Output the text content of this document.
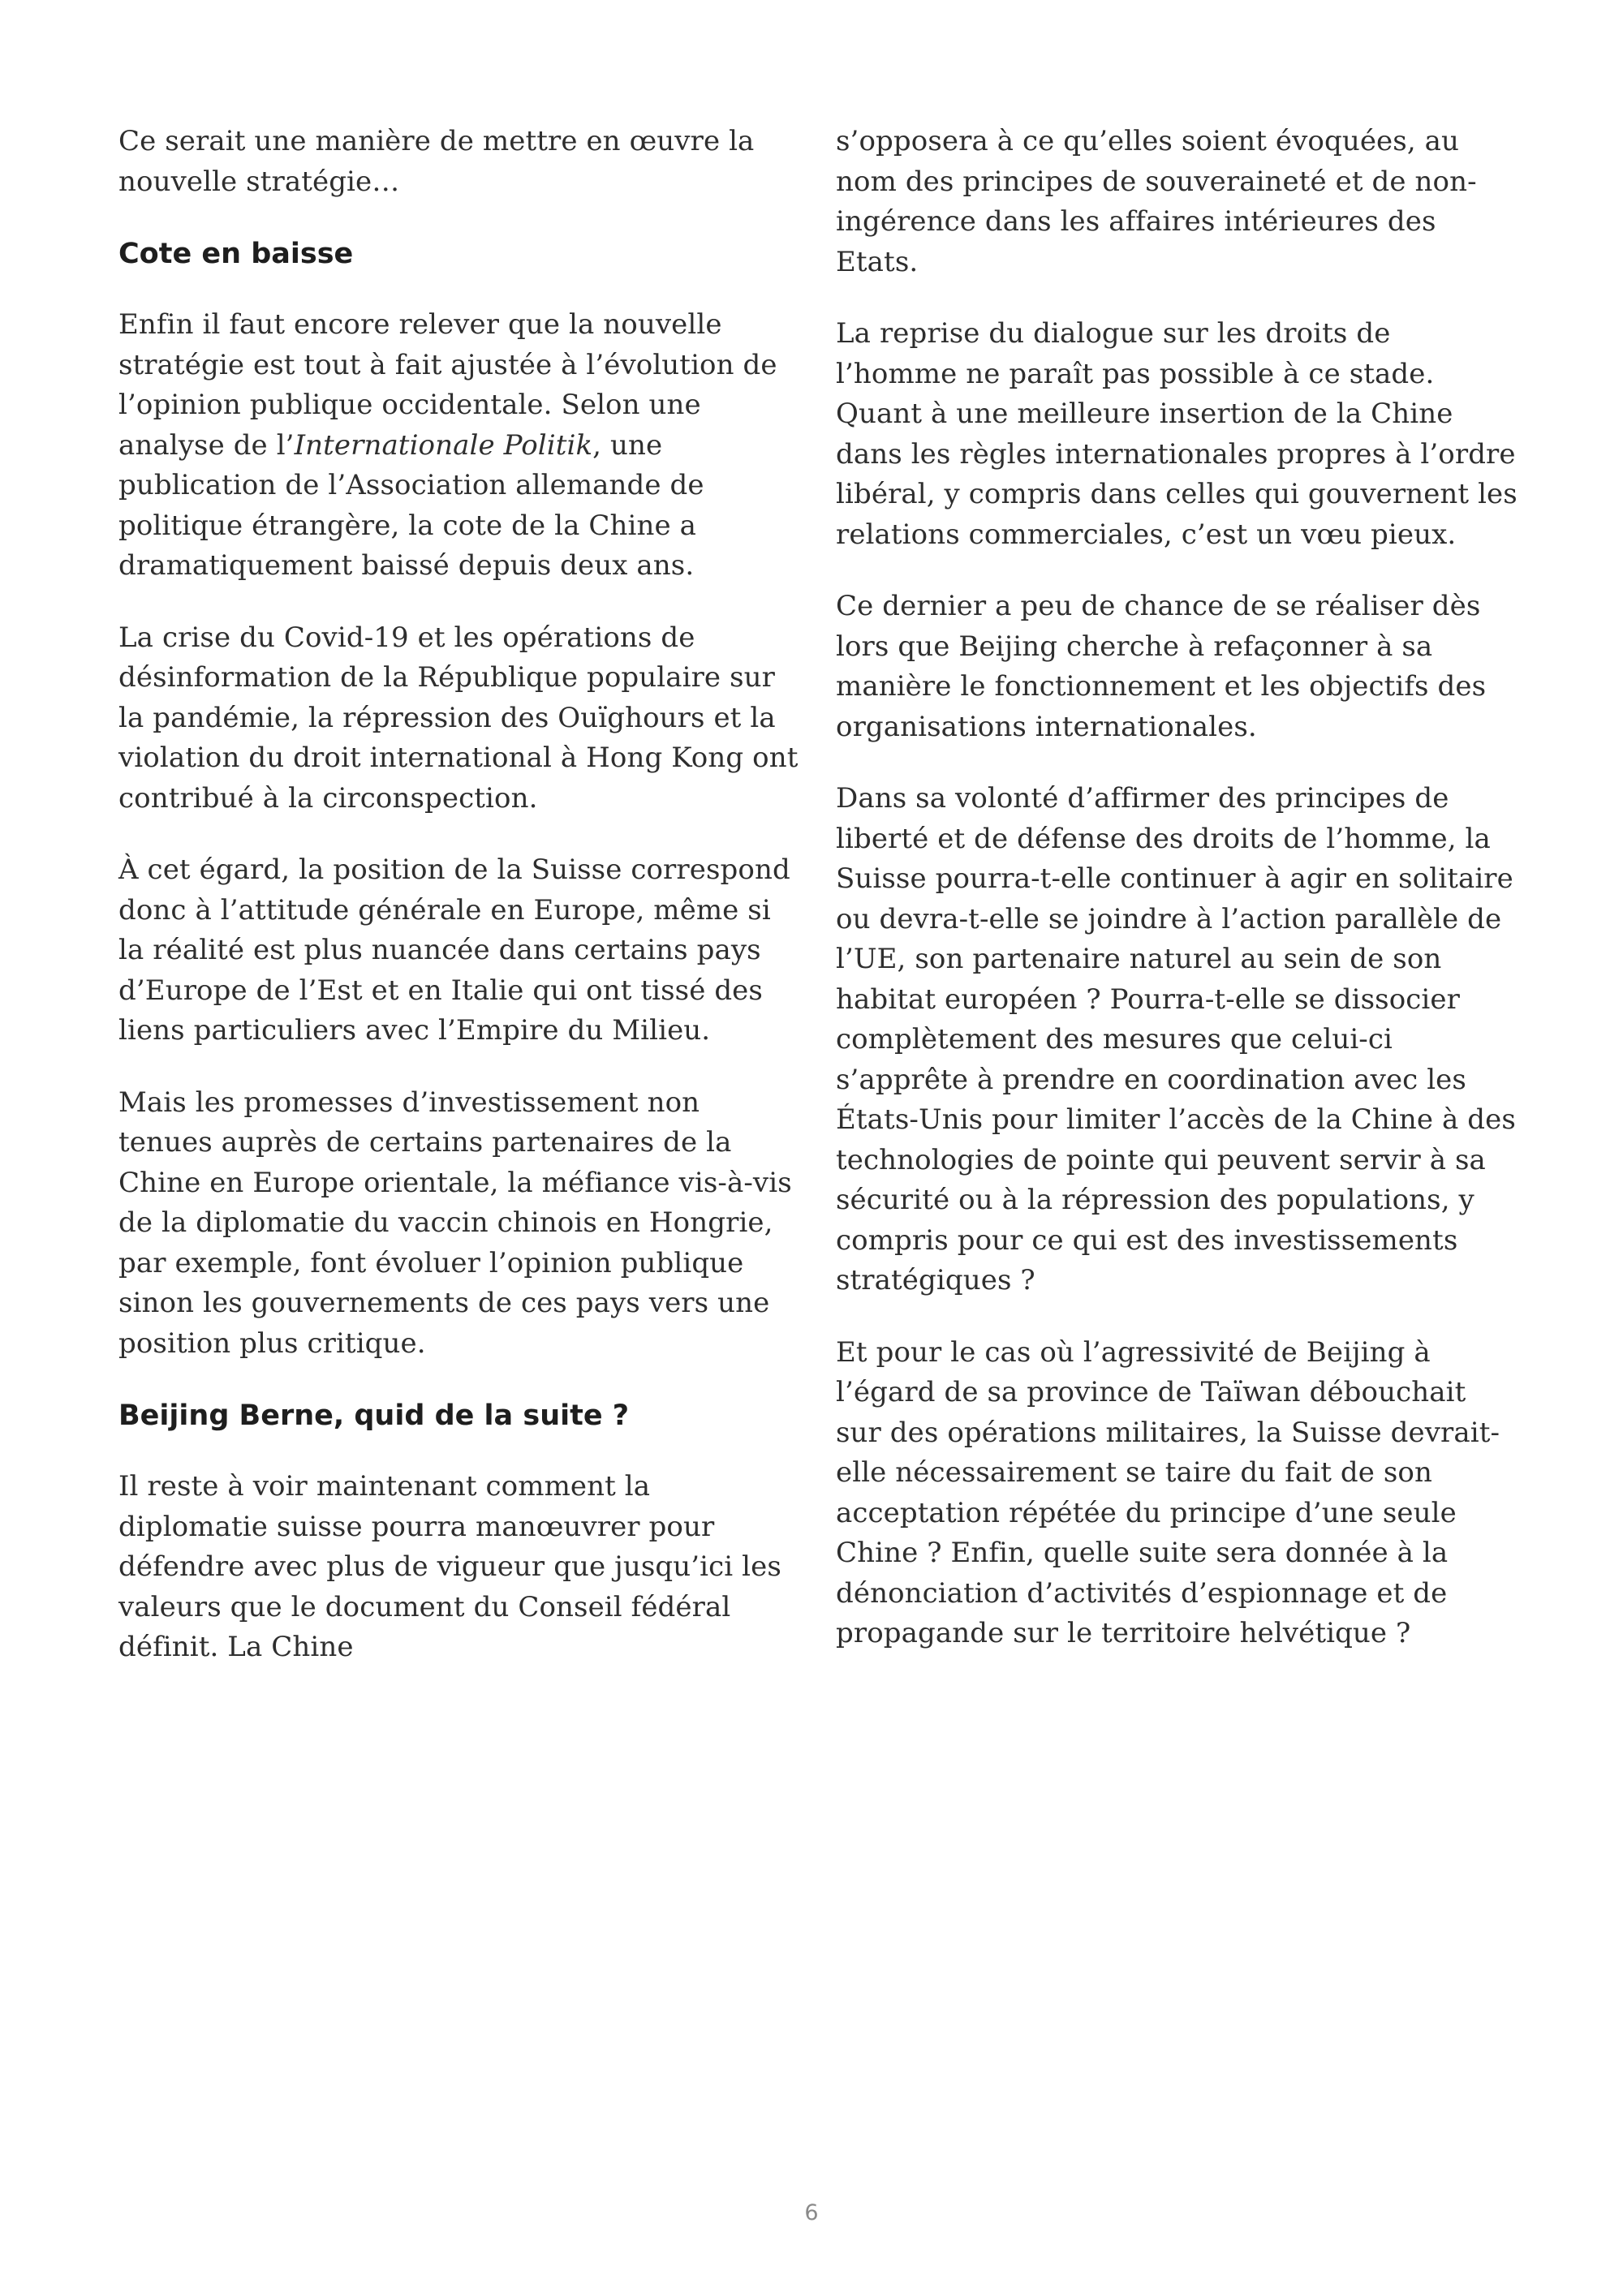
Ce serait une manière de mettre en œuvre la nouvelle stratégie…

Cote en baisse

Enfin il faut encore relever que la nouvelle stratégie est tout à fait ajustée à l’évolution de l’opinion publique occidentale. Selon une analyse de l’Internationale Politik, une publication de l’Association allemande de politique étrangère, la cote de la Chine a dramatiquement baissé depuis deux ans.

La crise du Covid-19 et les opérations de désinformation de la République populaire sur la pandémie, la répression des Ouïghours et la violation du droit international à Hong Kong ont contribué à la circonspection.

À cet égard, la position de la Suisse correspond donc à l’attitude générale en Europe, même si la réalité est plus nuancée dans certains pays d’Europe de l’Est et en Italie qui ont tissé des liens particuliers avec l’Empire du Milieu.

Mais les promesses d’investissement non tenues auprès de certains partenaires de la Chine en Europe orientale, la méfiance vis-à-vis de la diplomatie du vaccin chinois en Hongrie, par exemple, font évoluer l’opinion publique sinon les gouvernements de ces pays vers une position plus critique.

Beijing Berne, quid de la suite ?

Il reste à voir maintenant comment la diplomatie suisse pourra manœuvrer pour défendre avec plus de vigueur que jusqu’ici les valeurs que le document du Conseil fédéral définit. La Chine

s’opposera à ce qu’elles soient évoquées, au nom des principes de souveraineté et de non-ingérence dans les affaires intérieures des Etats.

La reprise du dialogue sur les droits de l’homme ne paraît pas possible à ce stade. Quant à une meilleure insertion de la Chine dans les règles internationales propres à l’ordre libéral, y compris dans celles qui gouvernent les relations commerciales, c’est un vœu pieux.

Ce dernier a peu de chance de se réaliser dès lors que Beijing cherche à refaçonner à sa manière le fonctionnement et les objectifs des organisations internationales.

Dans sa volonté d’affirmer des principes de liberté et de défense des droits de l’homme, la Suisse pourra-t-elle continuer à agir en solitaire ou devra-t-elle se joindre à l’action parallèle de l’UE, son partenaire naturel au sein de son habitat européen ? Pourra-t-elle se dissocier complètement des mesures que celui-ci s’apprête à prendre en coordination avec les États-Unis pour limiter l’accès de la Chine à des technologies de pointe qui peuvent servir à sa sécurité ou à la répression des populations, y compris pour ce qui est des investissements stratégiques ?

Et pour le cas où l’agressivité de Beijing à l’égard de sa province de Taïwan débouchait sur des opérations militaires, la Suisse devrait-elle nécessairement se taire du fait de son acceptation répétée du principe d’une seule Chine ? Enfin, quelle suite sera donnée à la dénonciation d’activités d’espionnage et de propagande sur le territoire helvétique ?

6
